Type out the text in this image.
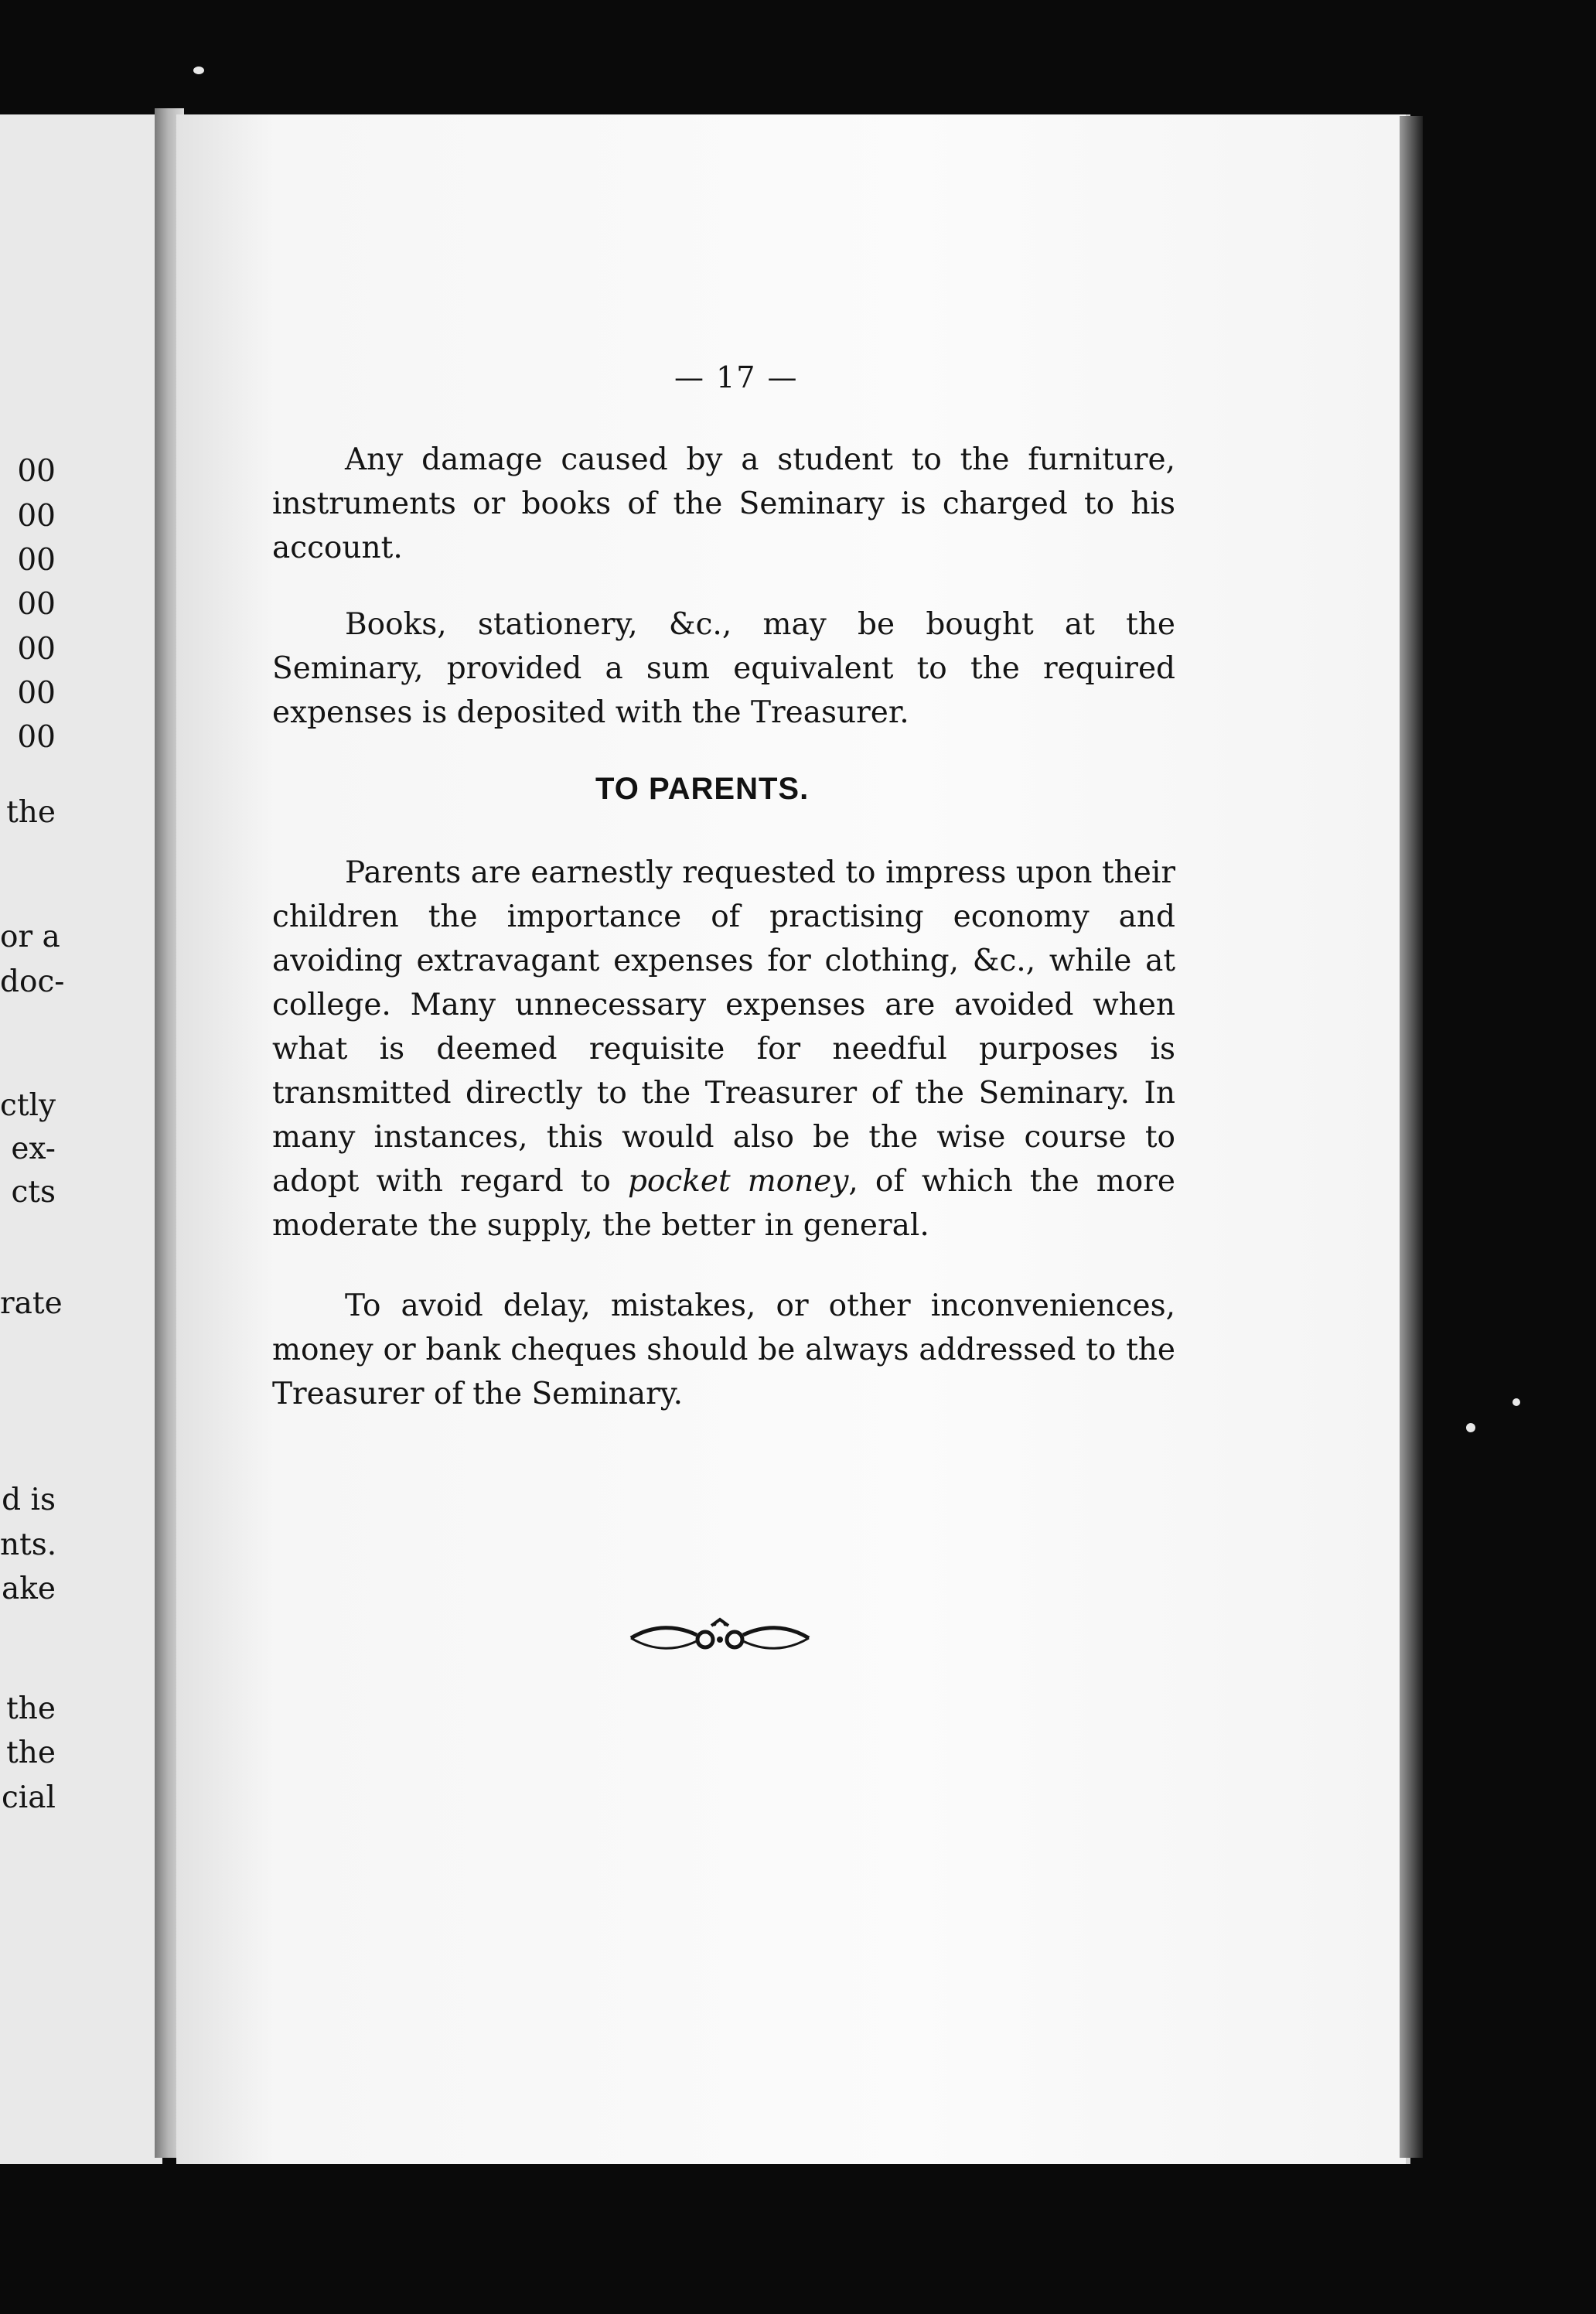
00
00
00
00
00
00
00
the
or a
doc-
ctly
ex-
cts
rate
d is
nts.
ake
the
the
cial
— 17 —

Any damage caused by a student to the furniture, instruments or books of the Seminary is charged to his account.

Books, stationery, &c., may be bought at the Seminary, provided a sum equivalent to the required expenses is deposited with the Treasurer.

TO PARENTS.

Parents are earnestly requested to impress upon their children the importance of practising economy and avoiding extravagant expenses for clothing, &c., while at college. Many unnecessary expenses are avoided when what is deemed requisite for needful purposes is transmitted directly to the Treasurer of the Seminary. In many instances, this would also be the wise course to adopt with regard to pocket money, of which the more moderate the supply, the better in general.

To avoid delay, mistakes, or other inconveniences, money or bank cheques should be always addressed to the Treasurer of the Seminary.
